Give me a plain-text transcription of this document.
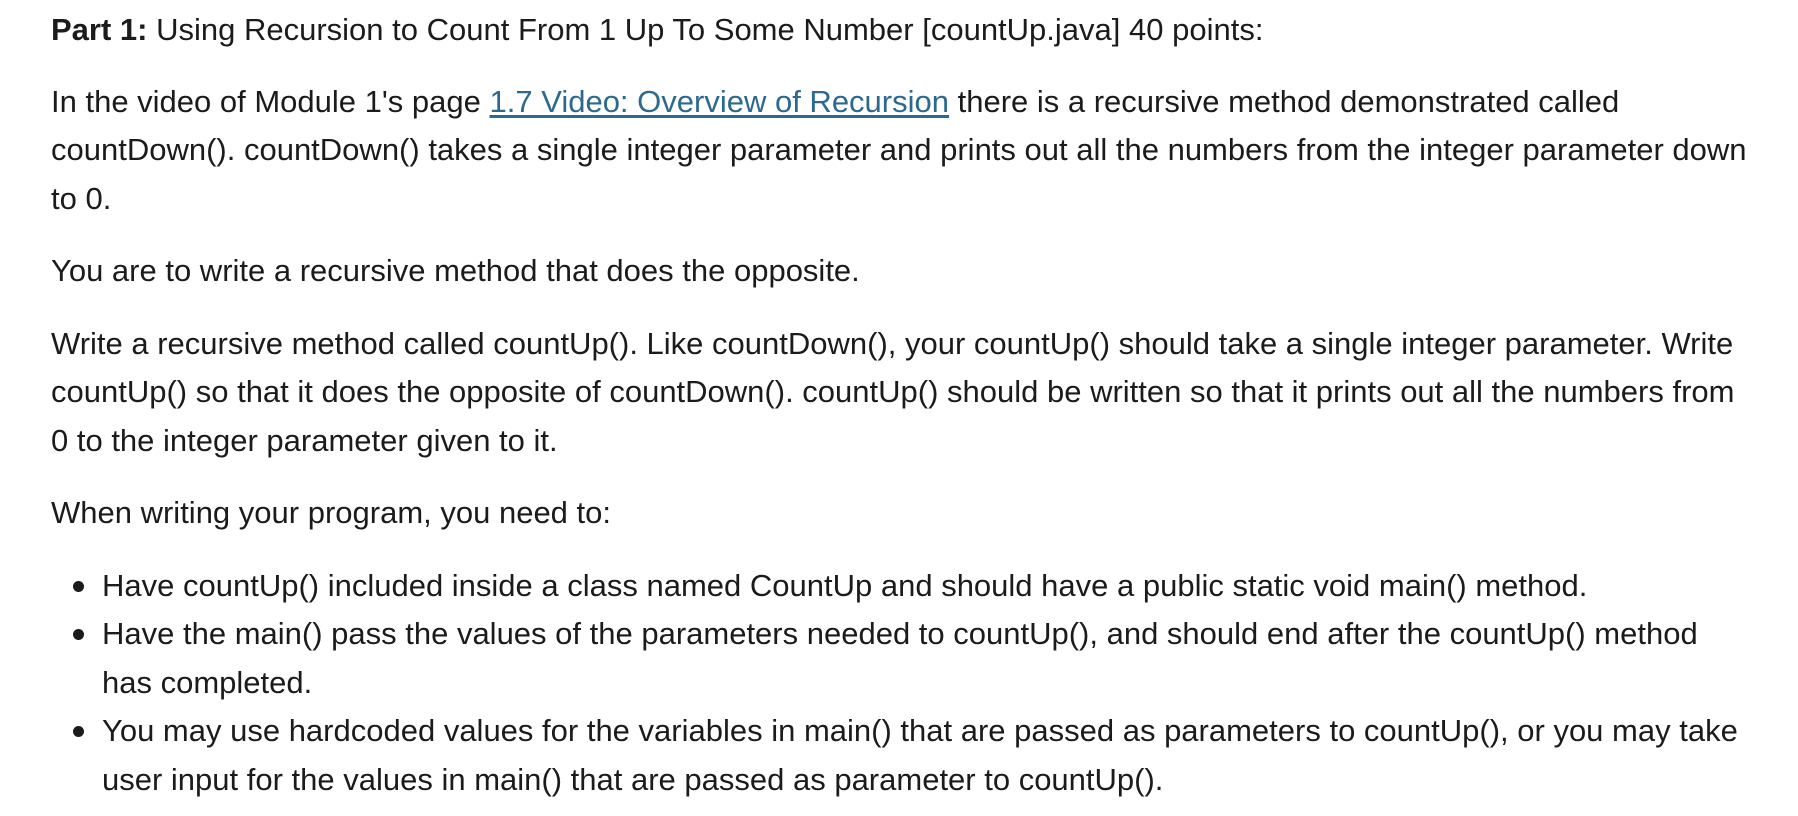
Part 1: Using Recursion to Count From 1 Up To Some Number [countUp.java] 40 points:

In the video of Module 1's page 1.7 Video: Overview of Recursion there is a recursive method demonstrated called countDown(). countDown() takes a single integer parameter and prints out all the numbers from the integer parameter down to 0.

You are to write a recursive method that does the opposite.

Write a recursive method called countUp(). Like countDown(), your countUp() should take a single integer parameter. Write countUp() so that it does the opposite of countDown(). countUp() should be written so that it prints out all the numbers from 0 to the integer parameter given to it.

When writing your program, you need to:

Have countUp() included inside a class named CountUp and should have a public static void main() method.
Have the main() pass the values of the parameters needed to countUp(), and should end after the countUp() method has completed.
You may use hardcoded values for the variables in main() that are passed as parameters to countUp(), or you may take user input for the values in main() that are passed as parameter to countUp().
